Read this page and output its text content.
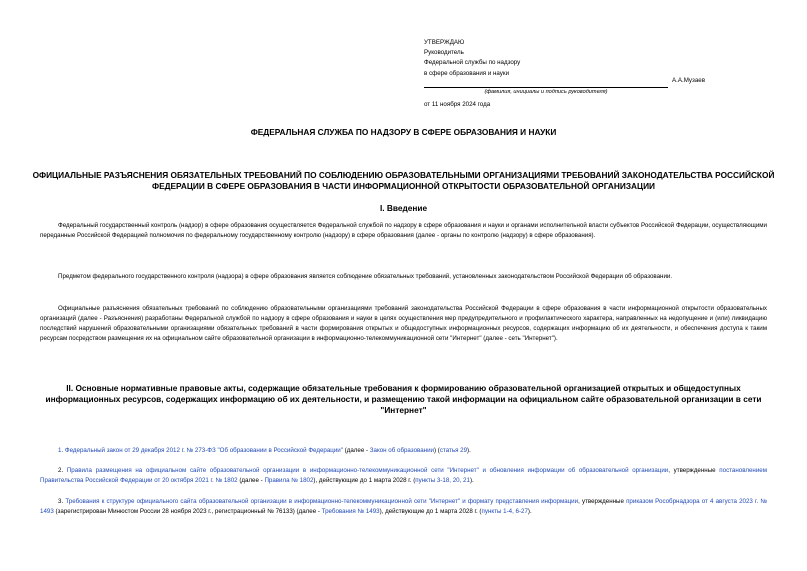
УТВЕРЖДАЮ
Руководитель
Федеральной службы по надзору
в сфере образования и науки
А.А.Музаев
(фамилия, инициалы и подпись руководителя)
от 11 ноября 2024 года
ФЕДЕРАЛЬНАЯ СЛУЖБА ПО НАДЗОРУ В СФЕРЕ ОБРАЗОВАНИЯ И НАУКИ
ОФИЦИАЛЬНЫЕ РАЗЪЯСНЕНИЯ ОБЯЗАТЕЛЬНЫХ ТРЕБОВАНИЙ ПО СОБЛЮДЕНИЮ ОБРАЗОВАТЕЛЬНЫМИ ОРГАНИЗАЦИЯМИ ТРЕБОВАНИЙ ЗАКОНОДАТЕЛЬСТВА РОССИЙСКОЙ ФЕДЕРАЦИИ В СФЕРЕ ОБРАЗОВАНИЯ В ЧАСТИ ИНФОРМАЦИОННОЙ ОТКРЫТОСТИ ОБРАЗОВАТЕЛЬНОЙ ОРГАНИЗАЦИИ
I. Введение
Федеральный государственный контроль (надзор) в сфере образования осуществляется Федеральной службой по надзору в сфере образования и науки и органами исполнительной власти субъектов Российской Федерации, осуществляющими переданные Российской Федерацией полномочия по федеральному государственному контролю (надзору) в сфере образования (далее - органы по контролю (надзору) в сфере образования).
Предметом федерального государственного контроля (надзора) в сфере образования является соблюдение обязательных требований, установленных законодательством Российской Федерации об образовании.
Официальные разъяснения обязательных требований по соблюдению образовательными организациями требований законодательства Российской Федерации в сфере образования в части информационной открытости образовательных организаций (далее - Разъяснения) разработаны Федеральной службой по надзору в сфере образования и науки в целях осуществления мер предупредительного и профилактического характера, направленных на недопущение и (или) ликвидацию последствий нарушений образовательными организациями обязательных требований в части формирования открытых и общедоступных информационных ресурсов, содержащих информацию об их деятельности, и обеспечения доступа к таким ресурсам посредством размещения их на официальном сайте образовательной организации в информационно-телекоммуникационной сети "Интернет" (далее - сеть "Интернет").
II. Основные нормативные правовые акты, содержащие обязательные требования к формированию образовательной организацией открытых и общедоступных информационных ресурсов, содержащих информацию об их деятельности, и размещению такой информации на официальном сайте образовательной организации в сети "Интернет"
1. Федеральный закон от 29 декабря 2012 г. № 273-ФЗ "Об образовании в Российской Федерации" (далее - Закон об образовании) (статья 29).
2. Правила размещения на официальном сайте образовательной организации в информационно-телекоммуникационной сети "Интернет" и обновления информации об образовательной организации, утвержденные постановлением Правительства Российской Федерации от 20 октября 2021 г. № 1802 (далее - Правила № 1802), действующие до 1 марта 2028 г. (пункты 3-18, 20, 21).
3. Требования к структуре официального сайта образовательной организации в информационно-телекоммуникационной сети "Интернет" и формату представления информации, утвержденные приказом Рособрнадзора от 4 августа 2023 г. № 1493 (зарегистрирован Минюстом России 28 ноября 2023 г., регистрационный № 76133) (далее - Требования № 1493), действующие до 1 марта 2028 г. (пункты 1-4, 6-27).
